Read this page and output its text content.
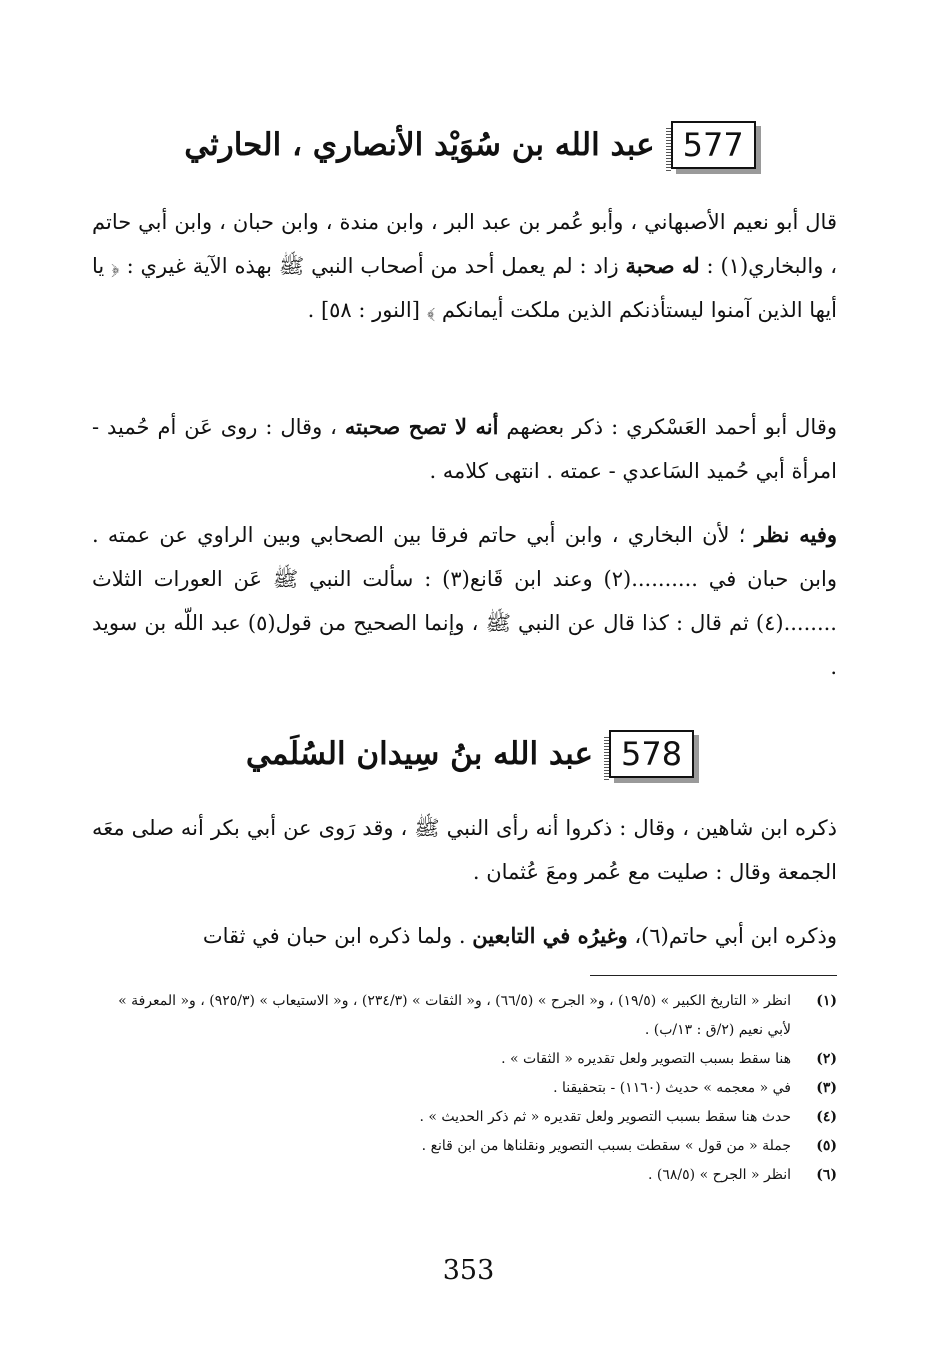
577
عبد الله بن سُوَيْد الأنصاري ، الحارثي

قال أبو نعيم الأصبهاني ، وأبو عُمر بن عبد البر ، وابن مندة ، وابن حبان ، وابن أبي حاتم ، والبخاري(١) : له صحبة زاد : لم يعمل أحد من أصحاب النبي ﷺ بهذه الآية غيري : ﴿ يا أيها الذين آمنوا ليستأذنكم الذين ملكت أيمانكم ﴾ [النور : ٥٨] .

وقال أبو أحمد العَسْكري : ذكر بعضهم أنه لا تصح صحبته ، وقال : روى عَن أم حُميد - امرأة أبي حُميد السَاعدي - عمته . انتهى كلامه .

وفيه نظر ؛ لأن البخاري ، وابن أبي حاتم فرقا بين الصحابي وبين الراوي عن عمته . وابن حبان في ..........(٢) وعند ابن قَانع(٣) : سألت النبي ﷺ عَن العورات الثلاث ........(٤) ثم قال : كذا قال عن النبي ﷺ ، وإنما الصحيح من قول(٥) عبد اللّه بن سويد .

578
عبد الله بنُ سِيدان السُلَمي

ذكره ابن شاهين ، وقال : ذكروا أنه رأى النبي ﷺ ، وقد رَوى عن أبي بكر أنه صلى معَه الجمعة وقال : صليت مع عُمر ومعَ عُثمان .

وذكره ابن أبي حاتم(٦)، وغيرُه في التابعين . ولما ذكره ابن حبان في ثقات

(١)
انظر « التاريخ الكبير » (١٩/٥) ، و« الجرح » (٦٦/٥) ، و« الثقات » (٢٣٤/٣) ، و« الاستيعاب » (٩٢٥/٣) ، و« المعرفة » لأبي نعيم (٢/ق : ١٣/ب) .
(٢)
هنا سقط بسبب التصوير ولعل تقديره « الثقات » .
(٣)
في « معجمه » حديث (١١٦٠) - بتحقيقنا .
(٤)
حدث هنا سقط بسبب التصوير ولعل تقديره « ثم ذكر الحديث » .
(٥)
جملة « من قول » سقطت بسبب التصوير ونقلناها من ابن قانع .
(٦)
انظر « الجرح » (٦٨/٥) .
353
